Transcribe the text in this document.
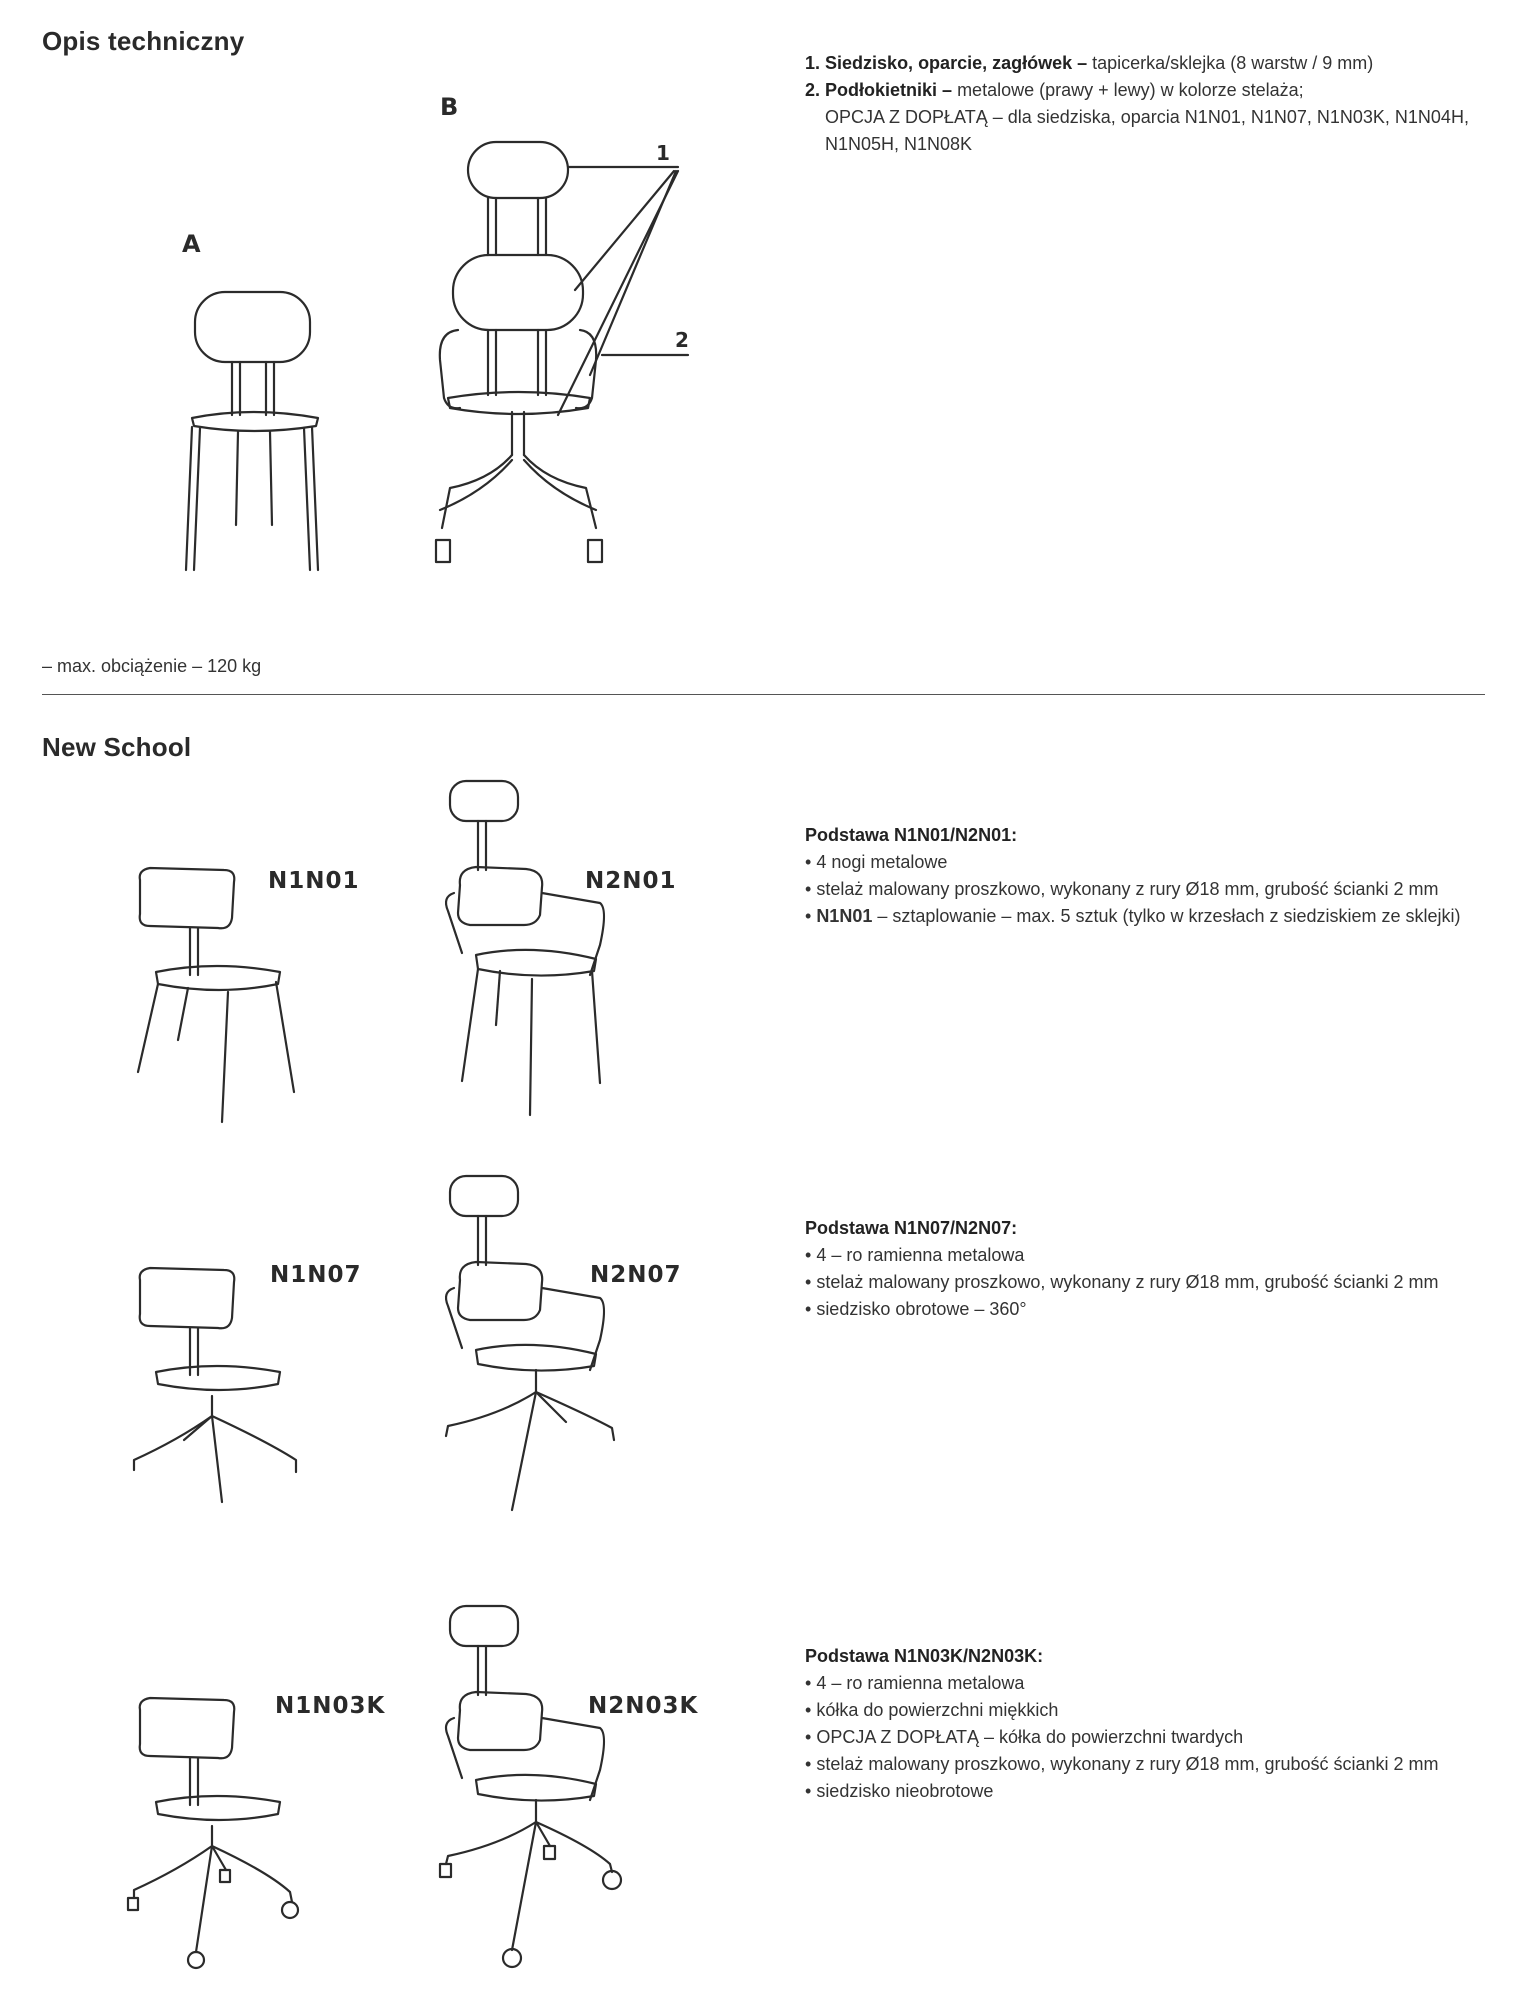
Opis techniczny
A
B
1
2

1. Siedzisko, oparcie, zagłówek – tapicerka/sklejka (8 warstw / 9 mm)

2. Podłokietniki – metalowe (prawy + lewy) w kolorze stelaża;

OPCJA Z DOPŁATĄ – dla siedziska, oparcia N1N01, N1N07, N1N03K, N1N04H,

N1N05H, N1N08K

– max. obciążenie – 120 kg
New School
N1N01	N2N01

Podstawa N1N01/N2N01:

• 4 nogi metalowe

• stelaż malowany proszkowo, wykonany z rury Ø18 mm, grubość ścianki 2 mm

• N1N01 – sztaplowanie – max. 5 sztuk (tylko w krzesłach z siedziskiem ze sklejki)

N1N07	N2N07

Podstawa N1N07/N2N07:

• 4 – ro ramienna metalowa

• stelaż malowany proszkowo, wykonany z rury Ø18 mm, grubość ścianki 2 mm

• siedzisko obrotowe – 360°

N1N03K	N2N03K

Podstawa N1N03K/N2N03K:

• 4 – ro ramienna metalowa

• kółka do powierzchni miękkich

• OPCJA Z DOPŁATĄ – kółka do powierzchni twardych

• stelaż malowany proszkowo, wykonany z rury Ø18 mm, grubość ścianki 2 mm

• siedzisko nieobrotowe
